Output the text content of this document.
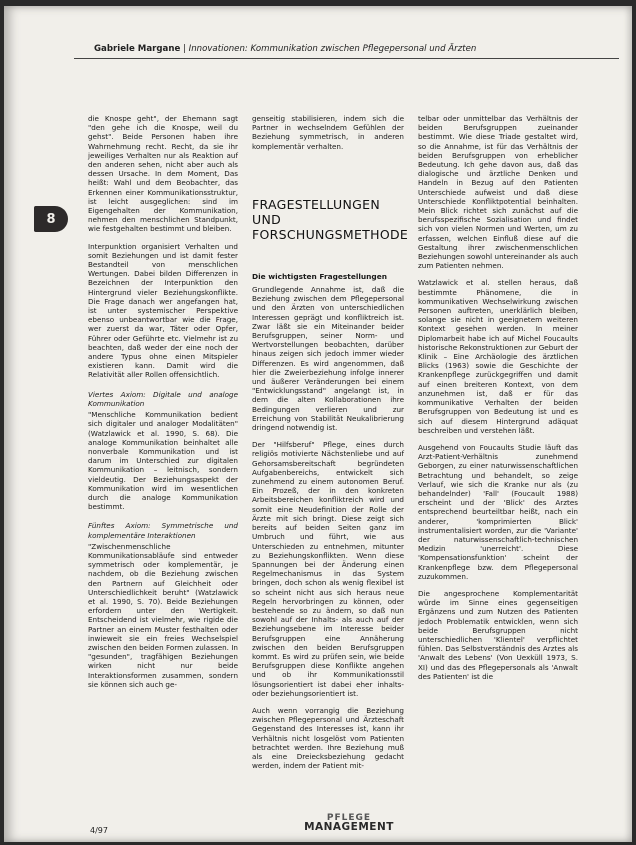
Gabriele Margane | Innovationen: Kommunikation zwischen Pflegepersonal und Ärzten
8

die Knospe geht", der Ehemann sagt "den gehe ich die Knospe, weil du gehst". Beide Personen haben ihre Wahrnehmung recht. Recht, da sie ihr jeweiliges Verhalten nur als Reaktion auf den anderen sehen, nicht aber auch als dessen Ursache. In dem Moment, Das heißt: Wahl und dem Beobachter, das Erkennen einer Kommunikationsstruktur, ist leicht ausgeglichen: sind im Eigengehalten der Kommunikation, nehmen den menschlichen Standpunkt, wie festgehalten bestimmt und bleiben.

Interpunktion organisiert Verhalten und somit Beziehungen und ist damit fester Bestandteil von menschlichen Wertungen. Dabei bilden Differenzen in Bezeichnen der Interpunktion den Hintergrund vieler Beziehungskonflikte. Die Frage danach wer angefangen hat, ist unter systemischer Perspektive ebenso unbeantwortbar wie die Frage, wer zuerst da war, Täter oder Opfer, Führer oder Geführte etc. Vielmehr ist zu beachten, daß weder der eine noch der andere Typus ohne einen Mitspieler existieren kann. Damit wird die Relativität aller Rollen offensichtlich.

Viertes Axiom: Digitale und analoge Kommunikation

"Menschliche Kommunikation bedient sich digitaler und analoger Modalitäten" (Watzlawick et al. 1990, S. 68). Die analoge Kommunikation beinhaltet alle nonverbale Kommunikation und ist darum im Unterschied zur digitalen Kommunikation – leitnisch, sondern vieldeutig. Der Beziehungsaspekt der Kommunikation wird im wesentlichen durch die analoge Kommunikation bestimmt.

Fünftes Axiom: Symmetrische und komplementäre Interaktionen

"Zwischenmenschliche Kommunikationsabläufe sind entweder symmetrisch oder komplementär, je nachdem, ob die Beziehung zwischen den Partnern auf Gleichheit oder Unterschiedlichkeit beruht" (Watzlawick et al. 1990, S. 70). Beide Beziehungen erfordern unter den Wertigkeit. Entscheidend ist vielmehr, wie rigide die Partner an einem Muster festhalten oder inwieweit sie ein freies Wechselspiel zwischen den beiden Formen zulassen. In "gesunden", tragfähigen Beziehungen wirken nicht nur beide Interaktionsformen zusammen, sondern sie können sich auch ge-

genseitig stabilisieren, indem sich die Partner in wechselndem Gefühlen der Beziehung symmetrisch, in anderen komplementär verhalten.

FRAGESTELLUNGEN UND FORSCHUNGSMETHODE
Die wichtigsten Fragestellungen

Grundlegende Annahme ist, daß die Beziehung zwischen dem Pflegepersonal und den Ärzten von unterschiedlichen Interessen geprägt und konfliktreich ist. Zwar läßt sie ein Miteinander beider Berufsgruppen, seiner Norm- und Wertvorstellungen beobachten, darüber hinaus zeigen sich jedoch immer wieder Differenzen. Es wird angenommen, daß hier die Zweierbeziehung infolge innerer und äußerer Veränderungen bei einem "Entwicklungsstand" angelangt ist, in dem die alten Kollaborationen ihre Bedingungen verlieren und zur Erreichung von Stabilität Neukalibrierung dringend notwendig ist.

Der "Hilfsberuf" Pflege, eines durch religiös motivierte Nächstenliebe und auf Gehorsamsbereitschaft begründeten Aufgabenbereichs, entwickelt sich zunehmend zu einem autonomen Beruf. Ein Prozeß, der in den konkreten Arbeitsbereichen konfliktreich wird und somit eine Neudefinition der Rolle der Ärzte mit sich bringt. Diese zeigt sich bereits auf beiden Seiten ganz im Umbruch und führt, wie aus Unterschieden zu entnehmen, mitunter zu Beziehungskonflikten. Wenn diese Spannungen bei der Änderung einen Regelmechanismus in das System bringen, doch schon als wenig flexibel ist so scheint nicht aus sich heraus neue Regeln hervorbringen zu können, oder bestehende so zu ändern, so daß nun sowohl auf der Inhalts- als auch auf der Beziehungsebene im Interesse beider Berufsgruppen eine Annäherung zwischen den beiden Berufsgruppen kommt. Es wird zu prüfen sein, wie beide Berufsgruppen diese Konflikte angehen und ob ihr Kommunikationsstil lösungsorientiert ist dabei eher inhalts- oder beziehungsorientiert ist.

Auch wenn vorrangig die Beziehung zwischen Pflegepersonal und Ärzteschaft Gegenstand des Interesses ist, kann ihr Verhältnis nicht losgelöst vom Patienten betrachtet werden. Ihre Beziehung muß als eine Dreiecksbeziehung gedacht werden, indem der Patient mit-

telbar oder unmittelbar das Verhältnis der beiden Berufsgruppen zueinander bestimmt. Wie diese Triade gestaltet wird, so die Annahme, ist für das Verhältnis der beiden Berufsgruppen von erheblicher Bedeutung. Ich gehe davon aus, daß das dialogische und ärztliche Denken und Handeln in Bezug auf den Patienten Unterschiede aufweist und daß diese Unterschiede Konfliktpotential beinhalten. Mein Blick richtet sich zunächst auf die berufsspezifische Sozialisation und findet sich von vielen Normen und Werten, um zu erfassen, welchen Einfluß diese auf die Gestaltung ihrer zwischenmenschlichen Beziehungen sowohl untereinander als auch zum Patienten nehmen.

Watzlawick et al. stellen heraus, daß bestimmte Phänomene, die in kommunikativen Wechselwirkung zwischen Personen auftreten, unerklärlich bleiben, solange sie nicht in geeignetem weiteren Kontext gesehen werden. In meiner Diplomarbeit habe ich auf Michel Foucaults historische Rekonstruktionen zur Geburt der Klinik – Eine Archäologie des ärztlichen Blicks (1963) sowie die Geschichte der Krankenpflege zurückgegriffen und damit auf einen breiteren Kontext, von dem anzunehmen ist, daß er für das kommunikative Verhalten der beiden Berufsgruppen von Bedeutung ist und es sich auf diesem Hintergrund adäquat beschreiben und verstehen läßt.

Ausgehend von Foucaults Studie läuft das Arzt-Patient-Verhältnis zunehmend Geborgen, zu einer naturwissenschaftlichen Betrachtung und behandelt, so zeige Verlauf, wie sich die Kranke nur als (zu behandelnder) 'Fall' (Foucault 1988) erscheint und der 'Blick' des Arztes entsprechend beurteiltbar heißt, nach ein anderer, 'komprimierten Blick' instrumentalisiert worden, zur die 'Variante' der naturwissenschaftlich-technischen Medizin 'unerreicht'. Diese 'Kompensationsfunktion' scheint der Krankenpflege bzw. dem Pflegepersonal zuzukommen.

Die angesprochene Komplementarität würde im Sinne eines gegenseitigen Ergänzens und zum Nutzen des Patienten jedoch Problematik entwicklen, wenn sich beide Berufsgruppen nicht unterschiedlichen 'Klientel' verpflichtet fühlen. Das Selbstverständnis des Arztes als 'Anwalt des Lebens' (Von Uexküll 1973, S. XI) und das des Pflegepersonals als 'Anwalt des Patienten' ist die

4/97
PFLEGE
MANAGEMENT
